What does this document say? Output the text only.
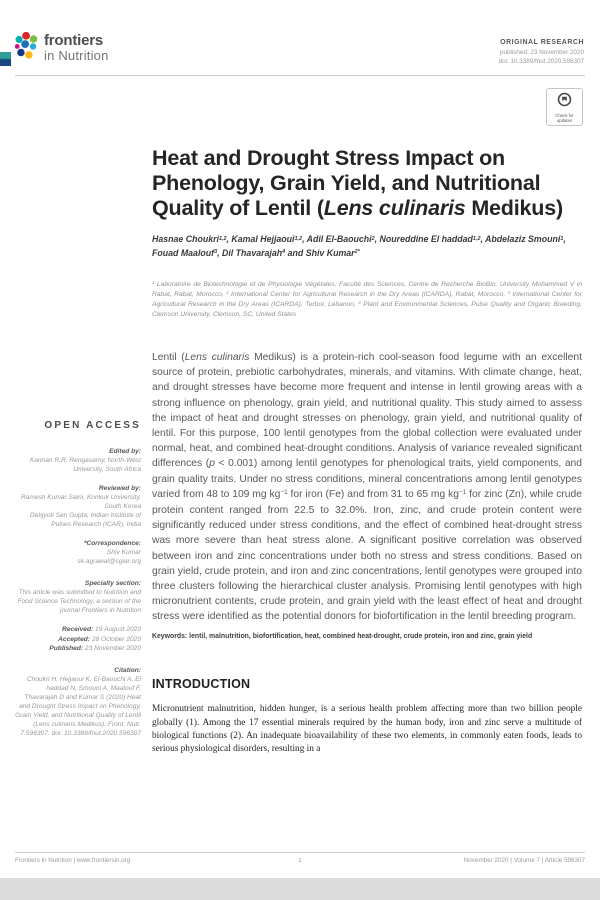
frontiers
in Nutrition
ORIGINAL RESEARCH
published: 23 November 2020
doi: 10.3389/fnut.2020.596307
Check for
updates
OPEN ACCESS
Edited by:
Kannan R.R. Rengasamy, North-West University, South Africa
Reviewed by:
Ramesh Kumar Saini, Konkuk University, South Korea
Debjyoti Sen Gupta, Indian Institute of Pulses Research (ICAR), India
*Correspondence:
Shiv Kumar
sk.agrawal@cgiar.org
Specialty section:
This article was submitted to Nutrition and Food Science Technology, a section of the journal Frontiers in Nutrition
Received: 19 August 2020
Accepted: 28 October 2020
Published: 23 November 2020
Citation:
Choukri H, Hejjaoui K, El-Baouchi A, El haddad N, Smouni A, Maalouf F, Thavarajah D and Kumar S (2020) Heat and Drought Stress Impact on Phenology, Grain Yield, and Nutritional Quality of Lentil (Lens culinaris Medikus). Front. Nutr. 7:596307. doi: 10.3389/fnut.2020.596307
Heat and Drought Stress Impact on Phenology, Grain Yield, and Nutritional Quality of Lentil (Lens culinaris Medikus)

Hasnae Choukri$^{1,2}$, Kamal Hejjaoui$^{1,2}$, Adil El-Baouchi$^2$, Noureddine El haddad$^{1,2}$, Abdelaziz Smouni$^1$, Fouad Maalouf$^3$, Dil Thavarajah$^4$ and Shiv Kumar$^{2*}$

$^1$ Laboratoire de Biotechnologie et de Physiologie Végétales, Faculté des Sciences, Centre de Recherche BioBio, University Mohammed V in Rabat, Rabat, Morocco, $^2$ International Center for Agricultural Research in the Dry Areas (ICARDA), Rabat, Morocco, $^3$ International Center for Agricultural Research in the Dry Areas (ICARDA), Terbol, Lebanon, $^4$ Plant and Environmental Sciences, Pulse Quality and Organic Breeding, Clemson University, Clemson, SC, United States

Lentil (Lens culinaris Medikus) is a protein-rich cool-season food legume with an excellent source of protein, prebiotic carbohydrates, minerals, and vitamins. With climate change, heat, and drought stresses have become more frequent and intense in lentil growing areas with a strong influence on phenology, grain yield, and nutritional quality. This study aimed to assess the impact of heat and drought stresses on phenology, grain yield, and nutritional quality of lentil. For this purpose, 100 lentil genotypes from the global collection were evaluated under normal, heat, and combined heat-drought conditions. Analysis of variance revealed significant differences (p < 0.001) among lentil genotypes for phenological traits, yield components, and grain quality traits. Under no stress conditions, mineral concentrations among lentil genotypes varied from 48 to 109 mg $kg^{-1}$ for iron (Fe) and from 31 to 65 mg $kg^{-1}$ for zinc (Zn), while crude protein content ranged from 22.5 to 32.0%. Iron, zinc, and crude protein content were significantly reduced under stress conditions, and the effect of combined heat-drought stress was more severe than heat stress alone. A significant positive correlation was observed between iron and zinc concentrations under both no stress and stress conditions. Based on grain yield, crude protein, and iron and zinc concentrations, lentil genotypes were grouped into three clusters following the hierarchical cluster analysis. Promising lentil genotypes with high micronutrient contents, crude protein, and grain yield with the least effect of heat and drought stress were identified as the potential donors for biofortification in the lentil breeding program.

Keywords: lentil, malnutrition, biofortification, heat, combined heat-drought, crude protein, iron and zinc, grain yield

INTRODUCTION

Micronutrient malnutrition, hidden hunger, is a serious health problem affecting more than two billion people globally (1). Among the 17 essential minerals required by the human body, iron and zinc serve a multitude of biological functions (2). An inadequate bioavailability of these two elements, in commonly eaten foods, leads to serious physiological disorders, resulting in a

Frontiers in Nutrition | www.frontiersin.org	1	November 2020 | Volume 7 | Article 596307
